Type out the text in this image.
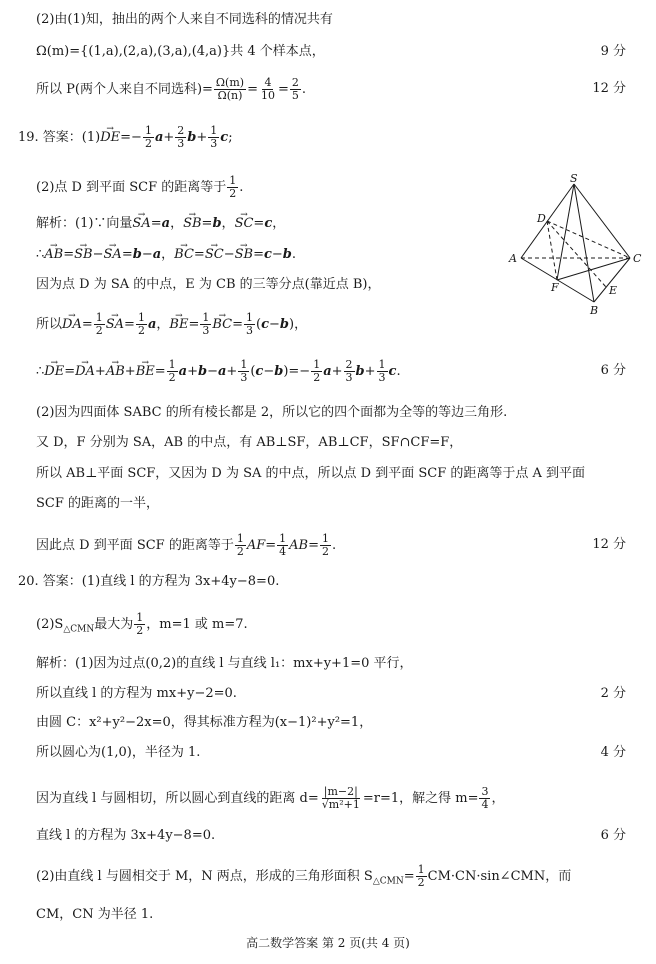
(2)由(1)知，抽出的两个人来自不同选科的情况共有
Ω(m)={(1,a),(2,a),(3,a),(4,a)}共 4 个样本点，	9 分
所以 P(两个人来自不同选科)= $\frac{\Omega(m)}{\Omega(n)} = \frac{4}{10} = \frac{2}{5}$ .	12 分
19. 答案：$(1)\to DE=- \frac{1}{2} a+ \frac{2}{3} b+ \frac{1}{3} c$;
(2)点 D 到平面 SCF 的距离等于 $\frac{1}{2}$ .
解析：(1)∵向量→ SA=a，→ SB=b，→ SC=c，
∴→ AB=→ SB−→ SA=b−a，→ BC=→ SC−→ SB=c−b.
因为点 D 为 SA 的中点，E 为 CB 的三等分点(靠近点 B)，
所以→ $DA= \frac{1}{2} \to SA= \frac{1}{2}$ a，→ $BE= \frac{1}{3} \to BC= \frac{1}{3} (c-b)$，
∴→ $DE=\to DA+\to AB+\to BE= \frac{1}{2} a+b-a+ \frac{1}{3} (c-b)=- \frac{1}{2} a+ \frac{2}{3} b+ \frac{1}{3} c$.	6 分
(2)因为四面体 SABC 的所有棱长都是 2，所以它的四个面都为全等的等边三角形.
又 D，F 分别为 SA，AB 的中点，有 AB⊥SF，AB⊥CF，SF∩CF=F，
所以 AB⊥平面 SCF，又因为 D 为 SA 的中点，所以点 D 到平面 SCF 的距离等于点 A 到平面
SCF 的距离的一半，
因此点 D 到平面 SCF 的距离等于 $\frac{1}{2} AF= \frac{1}{4} AB= \frac{1}{2}$ .	12 分
20. 答案：(1)直线 l 的方程为 3x+4y−8=0.
$(2)S_{\triangle CMN}$最大为 $\frac{1}{2}$ ，m=1 或 m=7.
解析：(1)因为过点(0,2)的直线 l 与直线 l₁：mx+y+1=0 平行，
所以直线 l 的方程为 mx+y−2=0.	2 分
由圆 C：x²+y²−2x=0，得其标准方程为(x−1)²+y²=1，
所以圆心为(1,0)，半径为 1.	4 分
因为直线 l 与圆相切，所以圆心到直线的距离 $d= \frac{|m-2|}{\text{√m²+1}} =r=1$，解之得 $m= \frac{3}{4}$ ，
直线 l 的方程为 3x+4y−8=0.	6 分
(2)由直线 l 与圆相交于 M，N 两点，形成的三角形面积 $S_{\triangle CMN}= \frac{1}{2}$ CM·CN·sin∠CMN，而
CM，CN 为半径 1.
高二数学答案 第 2 页(共 4 页)
S
D
A
F	E
B
C
